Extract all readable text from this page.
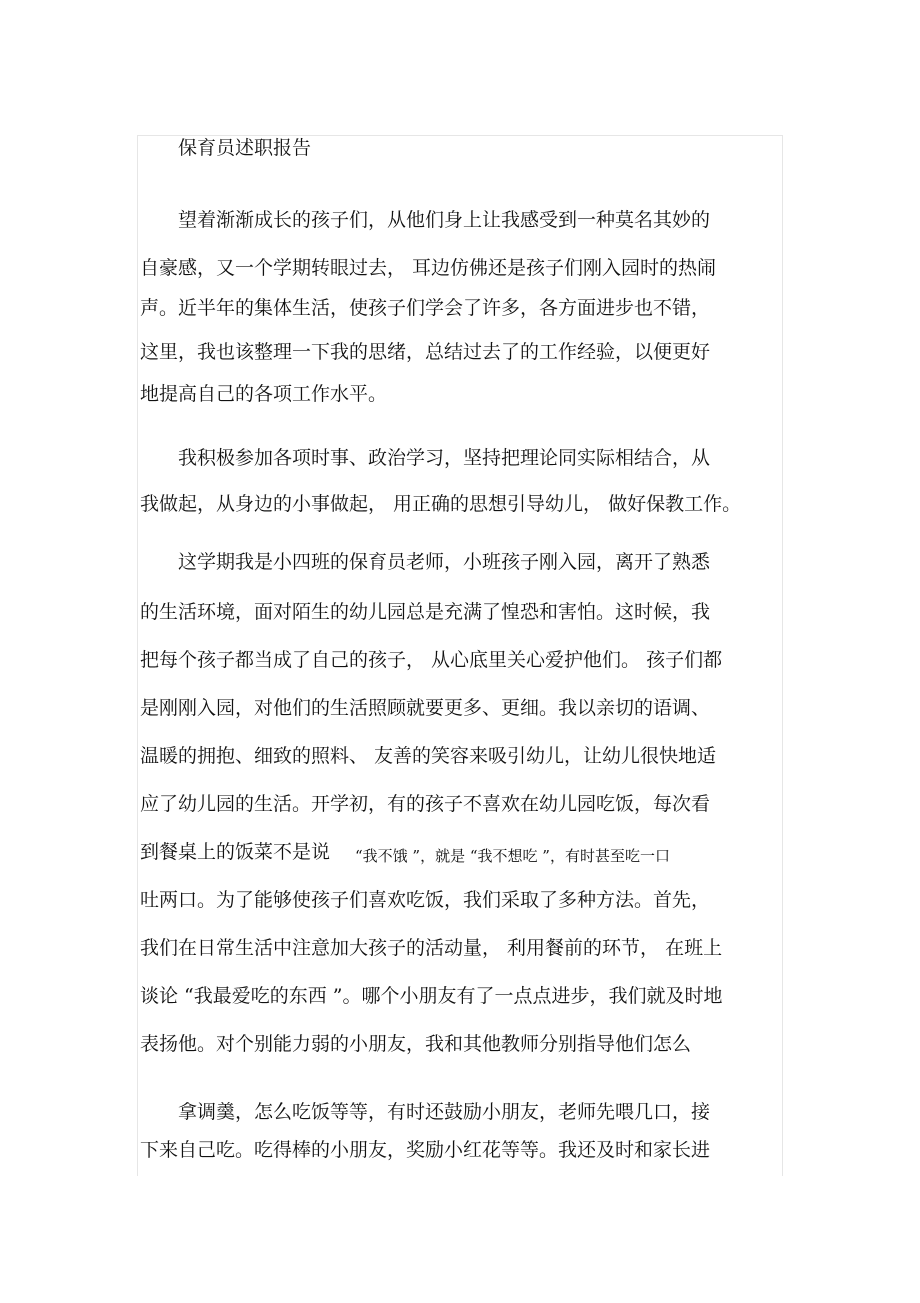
保育员述职报告
望着渐渐成长的孩子们，从他们身上让我感受到一种莫名其妙的
自豪感，又一个学期转眼过去， 耳边仿佛还是孩子们刚入园时的热闹
声。近半年的集体生活，使孩子们学会了许多，各方面进步也不错，
这里，我也该整理一下我的思绪，总结过去了的工作经验，以便更好
地提高自己的各项工作水平。
我积极参加各项时事、政治学习，坚持把理论同实际相结合，从
我做起，从身边的小事做起， 用正确的思想引导幼儿， 做好保教工作。
这学期我是小四班的保育员老师，小班孩子刚入园，离开了熟悉
的生活环境，面对陌生的幼儿园总是充满了惶恐和害怕。这时候，我
把每个孩子都当成了自己的孩子， 从心底里关心爱护他们。 孩子们都
是刚刚入园，对他们的生活照顾就要更多、更细。我以亲切的语调、
温暖的拥抱、细致的照料、 友善的笑容来吸引幼儿，让幼儿很快地适
应了幼儿园的生活。开学初，有的孩子不喜欢在幼儿园吃饭，每次看
到餐桌上的饭菜不是说 “我不饿 ”，就是 “我不想吃 ”，有时甚至吃一口
吐两口。为了能够使孩子们喜欢吃饭，我们采取了多种方法。首先，
我们在日常生活中注意加大孩子的活动量， 利用餐前的环节， 在班上
谈论 “我最爱吃的东西 ”。哪个小朋友有了一点点进步，我们就及时地
表扬他。对个别能力弱的小朋友，我和其他教师分别指导他们怎么
拿调羹，怎么吃饭等等，有时还鼓励小朋友，老师先喂几口，接
下来自己吃。吃得棒的小朋友，奖励小红花等等。我还及时和家长进
